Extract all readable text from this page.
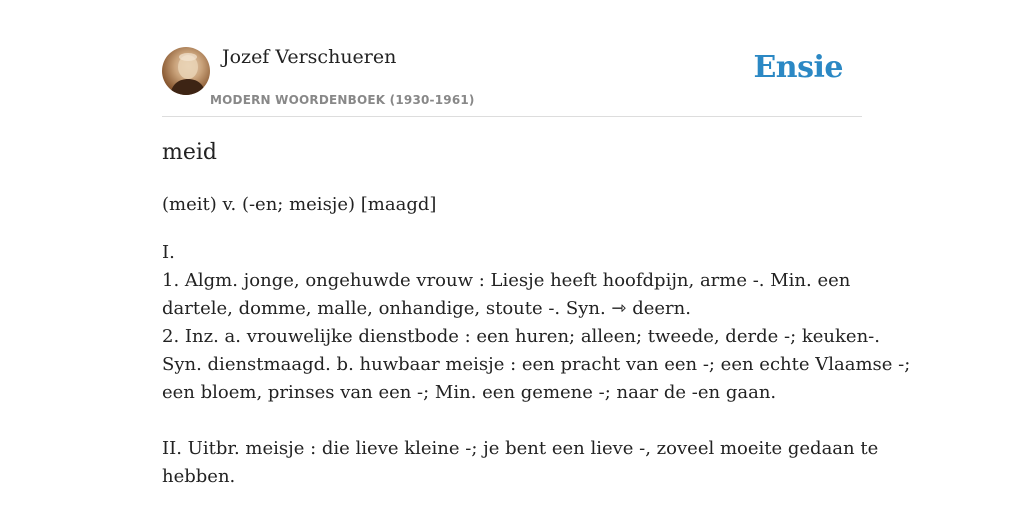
Jozef Verschueren
MODERN WOORDENBOEK (1930-1961)
Ensie
meid
(meit) v. (-en; meisje) [maagd]

I.

1. Algm. jonge, ongehuwde vrouw : Liesje heeft hoofdpijn, arme -. Min. een

dartele, domme, malle, onhandige, stoute -. Syn. ⇾ deern.

2. Inz. a. vrouwelijke dienstbode : een huren; alleen; tweede, derde -; keuken-.

Syn. dienstmaagd. b. huwbaar meisje : een pracht van een -; een echte Vlaamse -;

een bloem, prinses van een -; Min. een gemene -; naar de -en gaan.

II. Uitbr. meisje : die lieve kleine -; je bent een lieve -, zoveel moeite gedaan te

hebben.
